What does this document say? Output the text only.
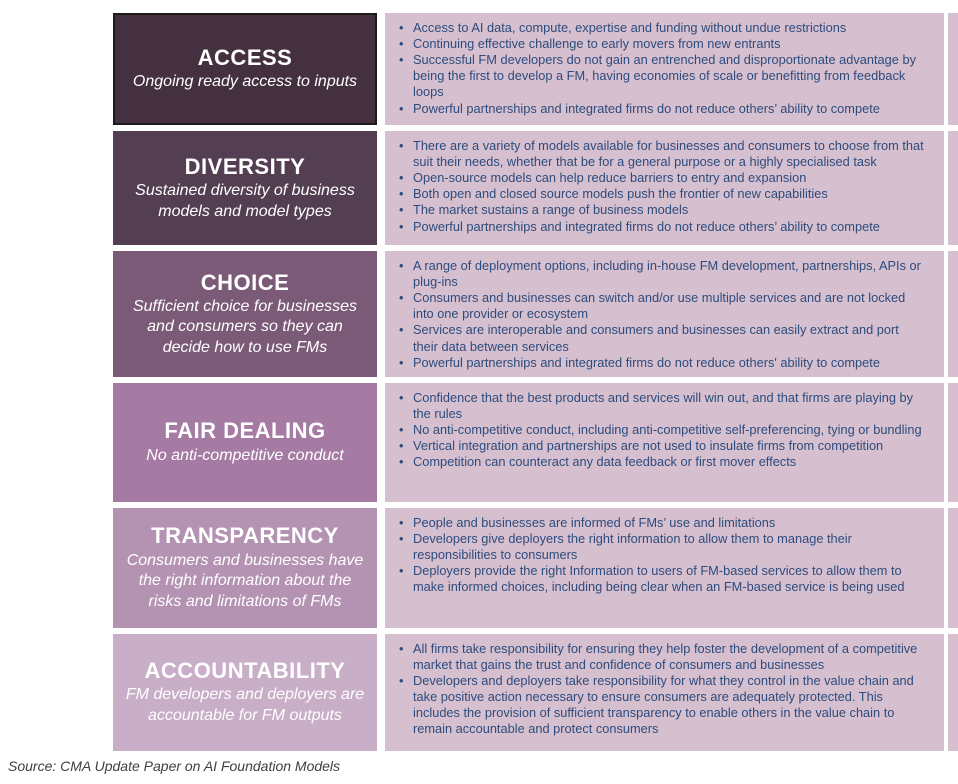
ACCESS
Ongoing ready access to inputs
• Access to AI data, compute, expertise and funding without undue restrictions
• Continuing effective challenge to early movers from new entrants
• Successful FM developers do not gain an entrenched and disproportionate advantage by being the first to develop a FM, having economies of scale or benefitting from feedback loops
• Powerful partnerships and integrated firms do not reduce others’ ability to compete
DIVERSITY
Sustained diversity of business models and model types
• There are a variety of models available for businesses and consumers to choose from that suit their needs, whether that be for a general purpose or a highly specialised task
• Open-source models can help reduce barriers to entry and expansion
• Both open and closed source models push the frontier of new capabilities
• The market sustains a range of business models
• Powerful partnerships and integrated firms do not reduce others’ ability to compete
CHOICE
Sufficient choice for businesses and consumers so they can decide how to use FMs
• A range of deployment options, including in-house FM development, partnerships, APIs or plug-ins
• Consumers and businesses can switch and/or use multiple services and are not locked into one provider or ecosystem
• Services are interoperable and consumers and businesses can easily extract and port their data between services
• Powerful partnerships and integrated firms do not reduce others' ability to compete
FAIR DEALING
No anti-competitive conduct
• Confidence that the best products and services will win out, and that firms are playing by the rules
• No anti-competitive conduct, including anti-competitive self-preferencing, tying or bundling
• Vertical integration and partnerships are not used to insulate firms from competition
• Competition can counteract any data feedback or first mover effects
TRANSPARENCY
Consumers and businesses have the right information about the risks and limitations of FMs
• People and businesses are informed of FMs’ use and limitations
• Developers give deployers the right information to allow them to manage their responsibilities to consumers
• Deployers provide the right Information to users of FM-based services to allow them to make informed choices, including being clear when an FM-based service is being used
ACCOUNTABILITY
FM developers and deployers are accountable for FM outputs
• All firms take responsibility for ensuring they help foster the development of a competitive market that gains the trust and confidence of consumers and businesses
• Developers and deployers take responsibility for what they control in the value chain and take positive action necessary to ensure consumers are adequately protected. This includes the provision of sufficient transparency to enable others in the value chain to remain accountable and protect consumers
Source: CMA Update Paper on AI Foundation Models
